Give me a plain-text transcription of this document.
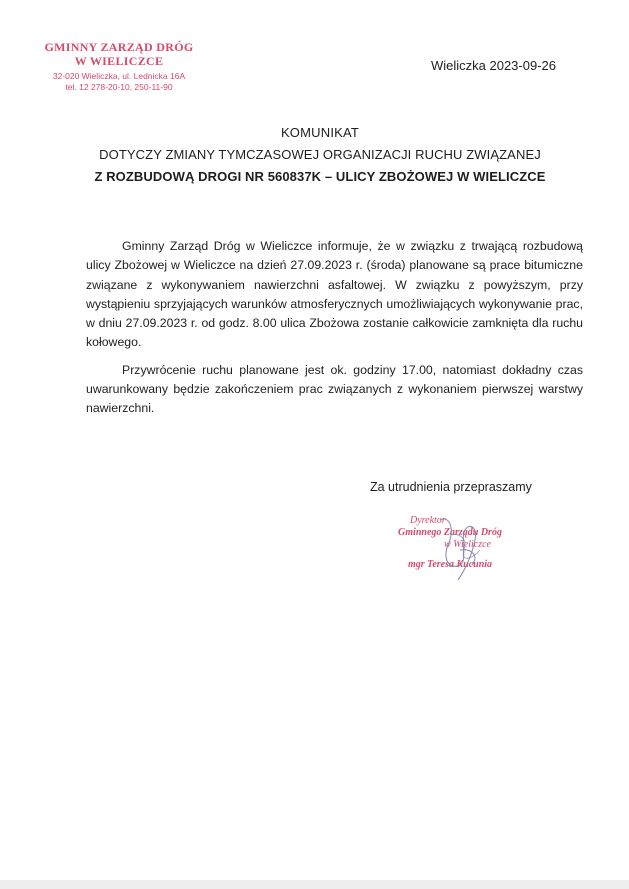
GMINNY ZARZĄD DRÓG
W WIELICZCE
32-020 Wieliczka, ul. Lednicka 16A
tel. 12 278-20-10, 250-11-90
Wieliczka 2023-09-26
KOMUNIKAT
DOTYCZY ZMIANY TYMCZASOWEJ ORGANIZACJI RUCHU ZWIĄZANEJ
Z ROZBUDOWĄ DROGI NR 560837K – ULICY ZBOŻOWEJ W WIELICZCE

Gminny Zarząd Dróg w Wieliczce informuje, że w związku z trwającą rozbudową ulicy Zbożowej w Wieliczce na dzień 27.09.2023 r. (środa) planowane są prace bitumiczne związane z wykonywaniem nawierzchni asfaltowej. W związku z powyższym, przy wystąpieniu sprzyjających warunków atmosferycznych umożliwiających wykonywanie prac, w dniu 27.09.2023 r. od godz. 8.00 ulica Zbożowa zostanie całkowicie zamknięta dla ruchu kołowego.

Przywrócenie ruchu planowane jest ok. godziny 17.00, natomiast dokładny czas uwarunkowany będzie zakończeniem prac związanych z wykonaniem pierwszej warstwy nawierzchni.

Za utrudnienia przepraszamy
Dyrektor
Gminnego Zarządu Dróg
w Wieliczce
mgr Teresa Kucunia
